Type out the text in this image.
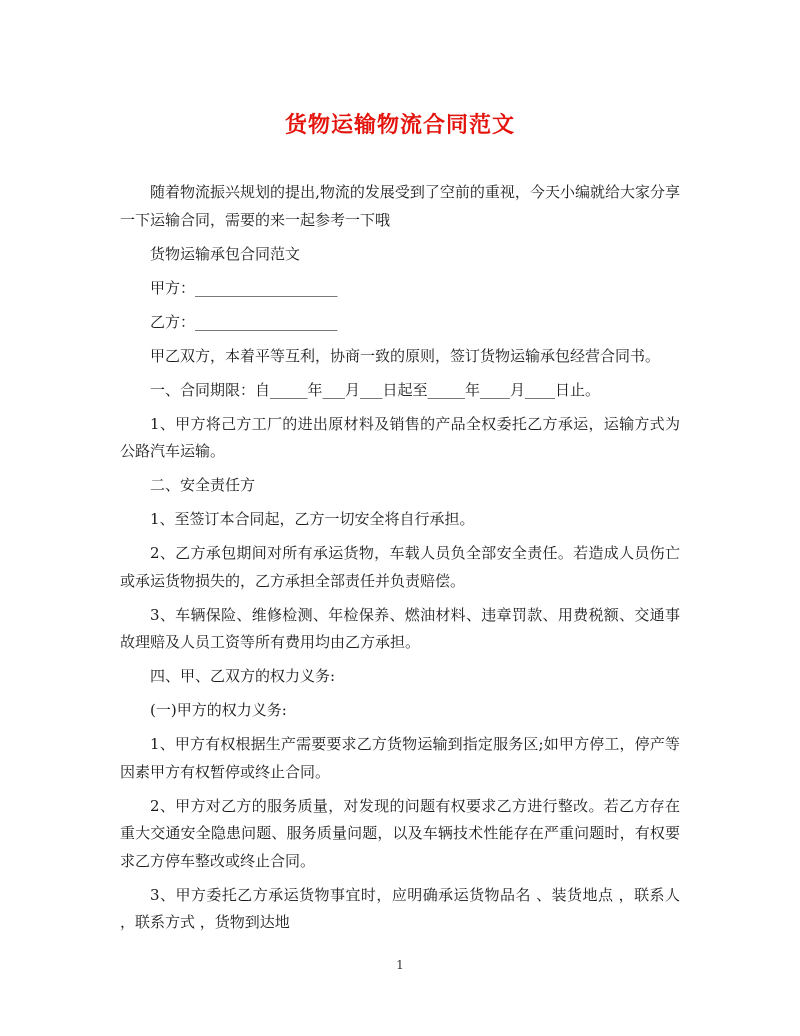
货物运输物流合同范文

随着物流振兴规划的提出,物流的发展受到了空前的重视，今天小编就给大家分享一下运输合同，需要的来一起参考一下哦

货物运输承包合同范文

甲方：___________________

乙方：___________________

甲乙双方，本着平等互利，协商一致的原则，签订货物运输承包经营合同书。

一、合同期限：自_____年___月___日起至_____年____月____日止。

1、甲方将己方工厂的进出原材料及销售的产品全权委托乙方承运，运输方式为公路汽车运输。

二、安全责任方

1、至签订本合同起，乙方一切安全将自行承担。

2、乙方承包期间对所有承运货物，车载人员负全部安全责任。若造成人员伤亡或承运货物损失的，乙方承担全部责任并负责赔偿。

3、车辆保险、维修检测、年检保养、燃油材料、违章罚款、用费税额、交通事故理赔及人员工资等所有费用均由乙方承担。

四、甲、乙双方的权力义务:

(一)甲方的权力义务:

1、甲方有权根据生产需要要求乙方货物运输到指定服务区;如甲方停工，停产等因素甲方有权暂停或终止合同。

2、甲方对乙方的服务质量，对发现的问题有权要求乙方进行整改。若乙方存在重大交通安全隐患问题、服务质量问题，以及车辆技术性能存在严重问题时，有权要求乙方停车整改或终止合同。

3、甲方委托乙方承运货物事宜时，应明确承运货物品名 、装货地点 ，联系人 ，联系方式 ，货物到达地

1
